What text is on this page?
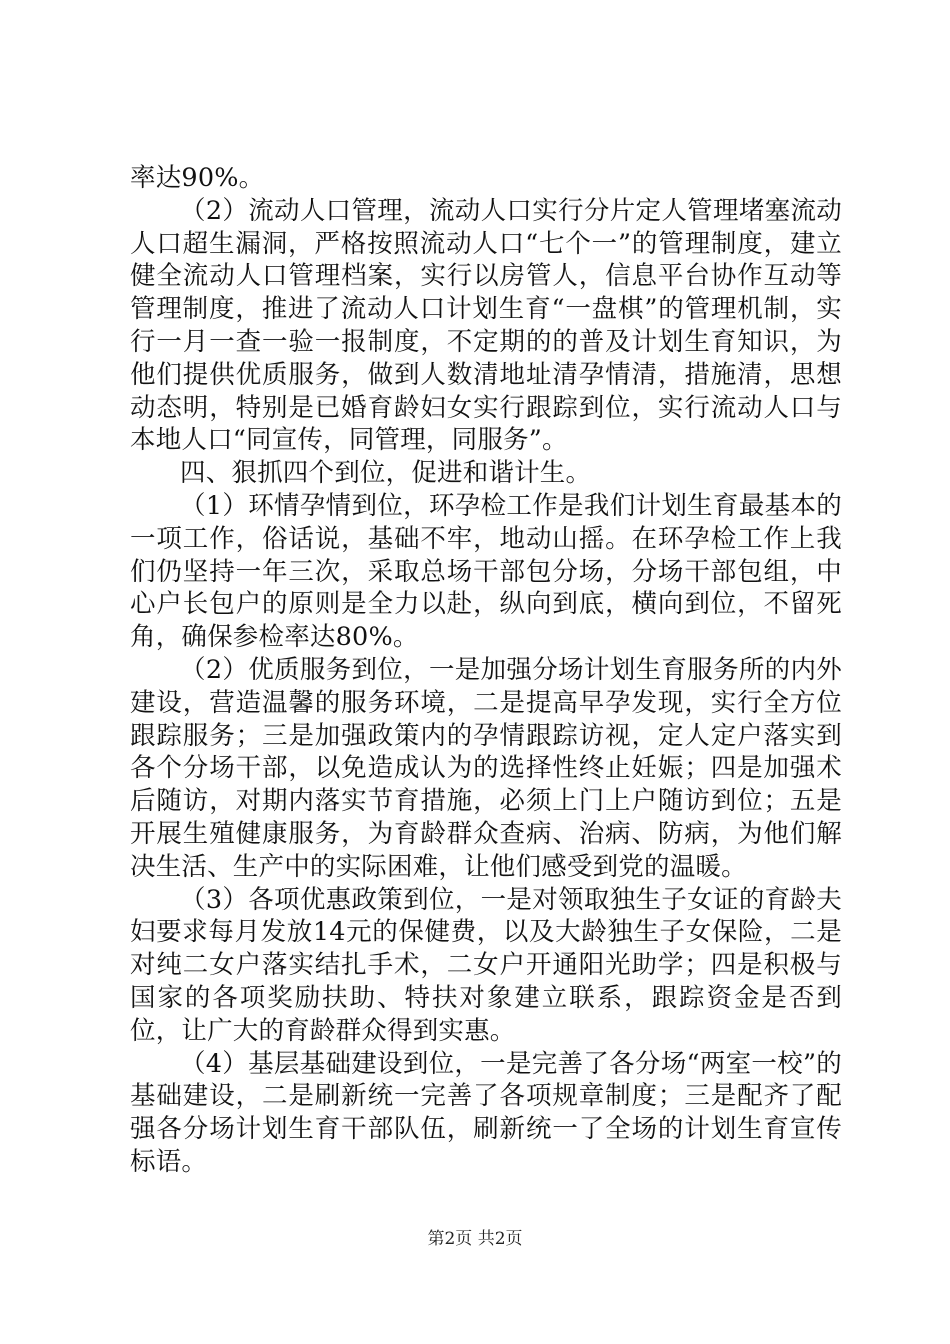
率达90%。

（2）流动人口管理，流动人口实行分片定人管理堵塞流动人口超生漏洞，严格按照流动人口“七个一”的管理制度，建立健全流动人口管理档案，实行以房管人，信息平台协作互动等管理制度，推进了流动人口计划生育“一盘棋”的管理机制，实行一月一查一验一报制度，不定期的的普及计划生育知识，为他们提供优质服务，做到人数清地址清孕情清，措施清，思想动态明，特别是已婚育龄妇女实行跟踪到位，实行流动人口与本地人口“同宣传，同管理，同服务”。

四、狠抓四个到位，促进和谐计生。

（1）环情孕情到位，环孕检工作是我们计划生育最基本的一项工作，俗话说，基础不牢，地动山摇。在环孕检工作上我们仍坚持一年三次，采取总场干部包分场，分场干部包组，中心户长包户的原则是全力以赴，纵向到底，横向到位，不留死角，确保参检率达80%。

（2）优质服务到位，一是加强分场计划生育服务所的内外建设，营造温馨的服务环境，二是提高早孕发现，实行全方位跟踪服务；三是加强政策内的孕情跟踪访视，定人定户落实到各个分场干部，以免造成认为的选择性终止妊娠；四是加强术后随访，对期内落实节育措施，必须上门上户随访到位；五是开展生殖健康服务，为育龄群众查病、治病、防病，为他们解决生活、生产中的实际困难，让他们感受到党的温暖。

（3）各项优惠政策到位，一是对领取独生子女证的育龄夫妇要求每月发放14元的保健费，以及大龄独生子女保险，二是对纯二女户落实结扎手术，二女户开通阳光助学；四是积极与国家的各项奖励扶助、特扶对象建立联系，跟踪资金是否到位，让广大的育龄群众得到实惠。

（4）基层基础建设到位，一是完善了各分场“两室一校”的基础建设，二是刷新统一完善了各项规章制度；三是配齐了配强各分场计划生育干部队伍，刷新统一了全场的计划生育宣传标语。

第2页 共2页
